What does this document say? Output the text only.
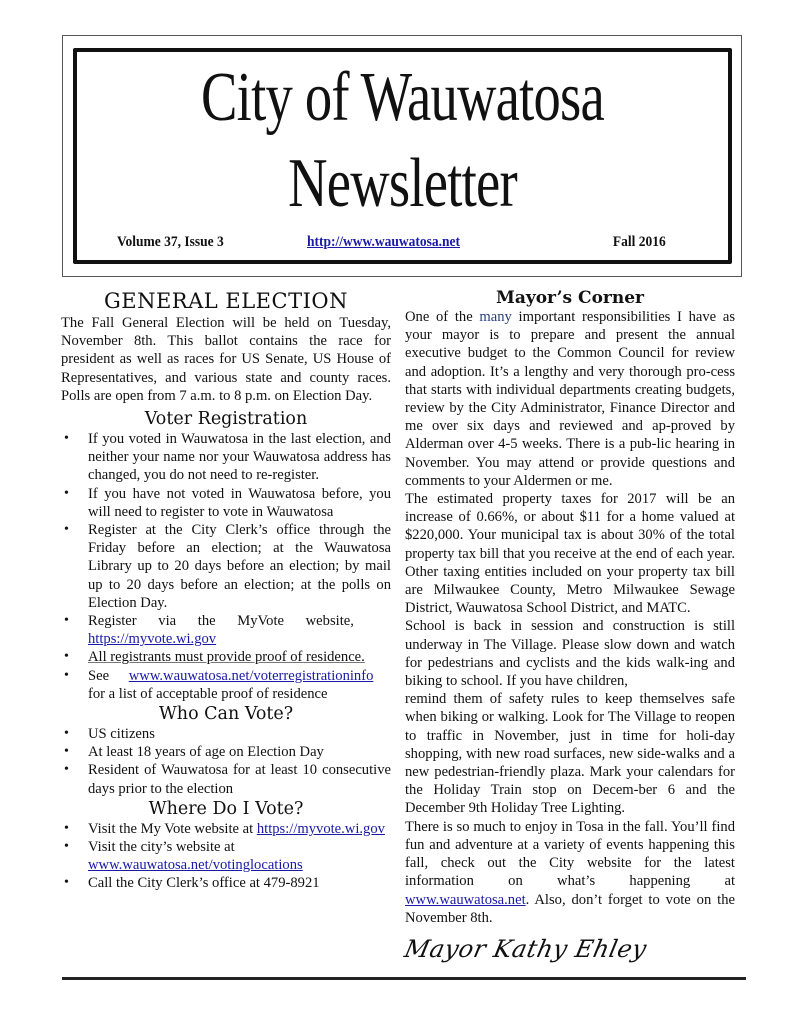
City of Wauwatosa
Newsletter
Volume 37, Issue 3	http://www.wauwatosa.net	Fall 2016
GENERAL ELECTION

The Fall General Election will be held on Tuesday, November 8th. This ballot contains the race for president as well as races for US Senate, US House of Representatives, and various state and county races. Polls are open from 7 a.m. to 8 p.m. on Election Day.

Voter Registration
• If you voted in Wauwatosa in the last election, and neither your name nor your Wauwatosa address has changed, you do not need to re-register.
• If you have not voted in Wauwatosa before, you will need to register to vote in Wauwatosa
• Register at the City Clerk’s office through the Friday before an election; at the Wauwatosa Library up to 20 days before an election; by mail up to 20 days before an election; at the polls on Election Day.
• Register via the MyVote website, https://myvote.wi.gov
• All registrants must provide proof of residence.
• See www.wauwatosa.net/voterregistrationinfo for a list of acceptable proof of residence
Who Can Vote?
• US citizens
• At least 18 years of age on Election Day
• Resident of Wauwatosa for at least 10 consecutive days prior to the election
Where Do I Vote?
• Visit the My Vote website at https://myvote.wi.gov
• Visit the city’s website at www.wauwatosa.net/votinglocations
• Call the City Clerk’s office at 479-8921
Mayor’s Corner

One of the many important responsibilities I have as your mayor is to prepare and present the annual executive budget to the Common Council for review and adoption. It’s a lengthy and very thorough pro-cess that starts with individual departments creating budgets, review by the City Administrator, Finance Director and me over six days and reviewed and ap-proved by Alderman over 4-5 weeks. There is a pub-lic hearing in November. You may attend or provide questions and comments to your Aldermen or me.

The estimated property taxes for 2017 will be an increase of 0.66%, or about $11 for a home valued at $220,000. Your municipal tax is about 30% of the total property tax bill that you receive at the end of each year. Other taxing entities included on your property tax bill are Milwaukee County, Metro Milwaukee Sewage District, Wauwatosa School District, and MATC.

School is back in session and construction is still underway in The Village. Please slow down and watch for pedestrians and cyclists and the kids walk-ing and biking to school. If you have children,

remind them of safety rules to keep themselves safe when biking or walking. Look for The Village to reopen to traffic in November, just in time for holi-day shopping, with new road surfaces, new side-walks and a new pedestrian-friendly plaza. Mark your calendars for the Holiday Train stop on Decem-ber 6 and the December 9th Holiday Tree Lighting.

There is so much to enjoy in Tosa in the fall. You’ll find fun and adventure at a variety of events happening this fall, check out the City website for the latest information on what’s happening at www.wauwatosa.net. Also, don’t forget to vote on the November 8th.

Mayor Kathy Ehley
